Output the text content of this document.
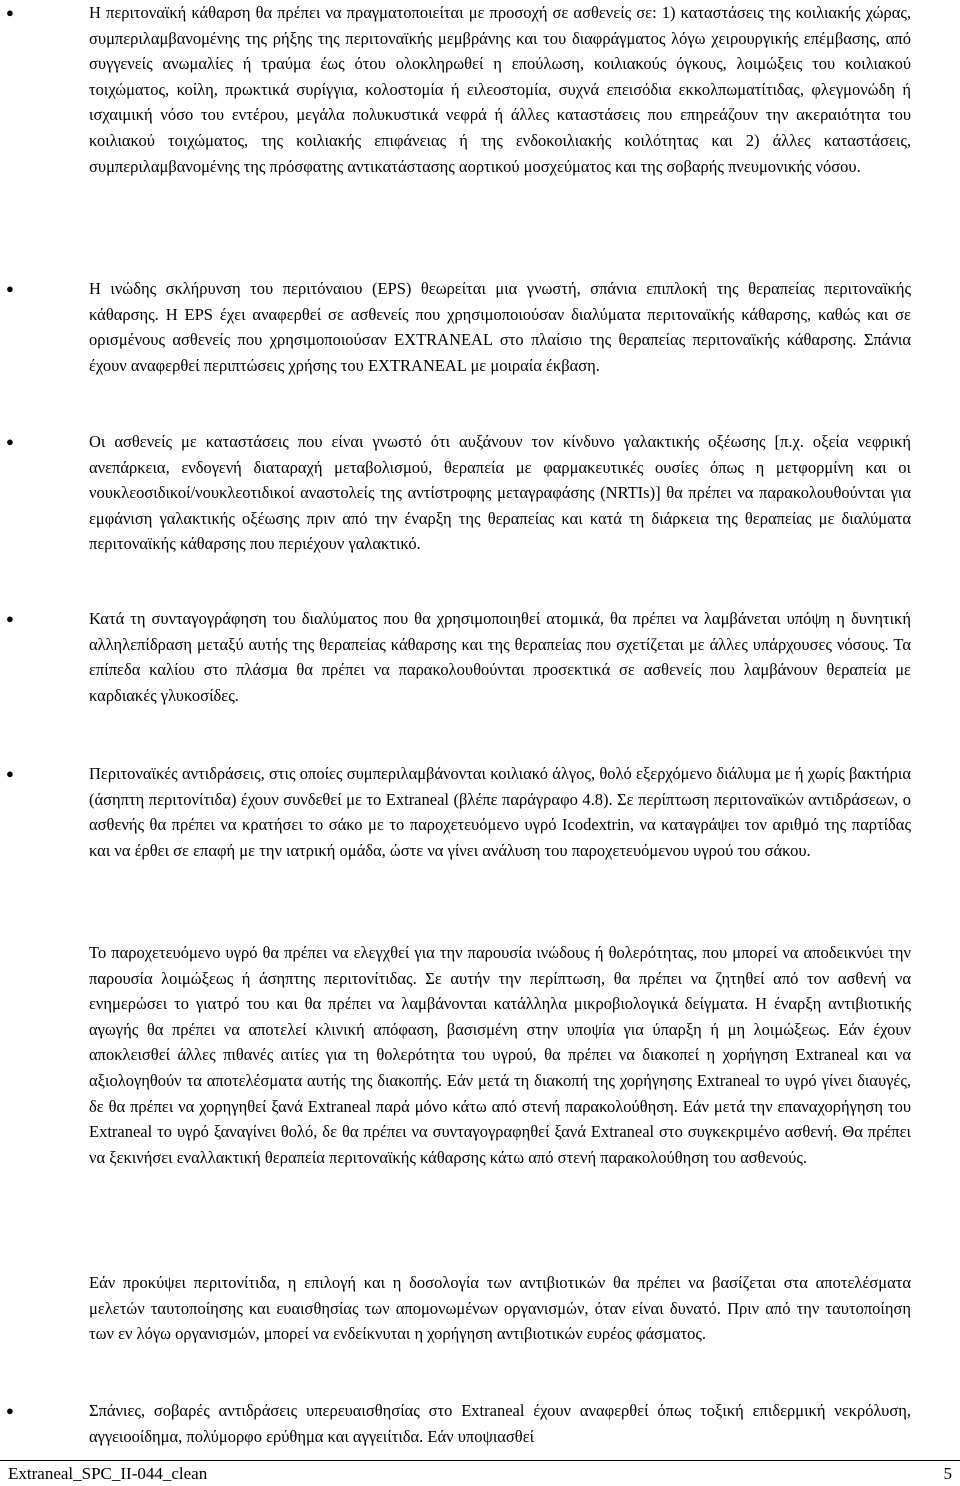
●	Η περιτοναϊκή κάθαρση θα πρέπει να πραγματοποιείται με προσοχή σε ασθενείς σε: 1) καταστάσεις της κοιλιακής χώρας, συμπεριλαμβανομένης της ρήξης της περιτοναϊκής μεμβράνης και του διαφράγματος λόγω χειρουργικής επέμβασης, από συγγενείς ανωμαλίες ή τραύμα έως ότου ολοκληρωθεί η επούλωση, κοιλιακούς όγκους, λοιμώξεις του κοιλιακού τοιχώματος, κοίλη, πρωκτικά συρίγγια, κολοστομία ή ειλεοστομία, συχνά επεισόδια εκκολπωματίτιδας, φλεγμονώδη ή ισχαιμική νόσο του εντέρου, μεγάλα πολυκυστικά νεφρά ή άλλες καταστάσεις που επηρεάζουν την ακεραιότητα του κοιλιακού τοιχώματος, της κοιλιακής επιφάνειας ή της ενδοκοιλιακής κοιλότητας και 2) άλλες καταστάσεις, συμπεριλαμβανομένης της πρόσφατης αντικατάστασης αορτικού μοσχεύματος και της σοβαρής πνευμονικής νόσου.

●	Η ινώδης σκλήρυνση του περιτόναιου (EPS) θεωρείται μια γνωστή, σπάνια επιπλοκή της θεραπείας περιτοναϊκής κάθαρσης. Η EPS έχει αναφερθεί σε ασθενείς που χρησιμοποιούσαν διαλύματα περιτοναϊκής κάθαρσης, καθώς και σε ορισμένους ασθενείς που χρησιμοποιούσαν EXTRANEAL στο πλαίσιο της θεραπείας περιτοναϊκής κάθαρσης. Σπάνια έχουν αναφερθεί περιπτώσεις χρήσης του EXTRANEAL με μοιραία έκβαση.

●	Οι ασθενείς με καταστάσεις που είναι γνωστό ότι αυξάνουν τον κίνδυνο γαλακτικής οξέωσης [π.χ. οξεία νεφρική ανεπάρκεια, ενδογενή διαταραχή μεταβολισμού, θεραπεία με φαρμακευτικές ουσίες όπως η μετφορμίνη και οι νουκλεοσιδικοί/νουκλεοτιδικοί αναστολείς της αντίστροφης μεταγραφάσης (NRTIs)] θα πρέπει να παρακολουθούνται για εμφάνιση γαλακτικής οξέωσης πριν από την έναρξη της θεραπείας και κατά τη διάρκεια της θεραπείας με διαλύματα περιτοναϊκής κάθαρσης που περιέχουν γαλακτικό.

●	Κατά τη συνταγογράφηση του διαλύματος που θα χρησιμοποιηθεί ατομικά, θα πρέπει να λαμβάνεται υπόψη η δυνητική αλληλεπίδραση μεταξύ αυτής της θεραπείας κάθαρσης και της θεραπείας που σχετίζεται με άλλες υπάρχουσες νόσους. Τα επίπεδα καλίου στο πλάσμα θα πρέπει να παρακολουθούνται προσεκτικά σε ασθενείς που λαμβάνουν θεραπεία με καρδιακές γλυκοσίδες.

●	Περιτοναϊκές αντιδράσεις, στις οποίες συμπεριλαμβάνονται κοιλιακό άλγος, θολό εξερχόμενο διάλυμα με ή χωρίς βακτήρια (άσηπτη περιτονίτιδα) έχουν συνδεθεί με το Extraneal (βλέπε παράγραφο 4.8). Σε περίπτωση περιτοναϊκών αντιδράσεων, ο ασθενής θα πρέπει να κρατήσει το σάκο με το παροχετευόμενο υγρό Icodextrin, να καταγράψει τον αριθμό της παρτίδας και να έρθει σε επαφή με την ιατρική ομάδα, ώστε να γίνει ανάλυση του παροχετευόμενου υγρού του σάκου.

Το παροχετευόμενο υγρό θα πρέπει να ελεγχθεί για την παρουσία ινώδους ή θολερότητας, που μπορεί να αποδεικνύει την παρουσία λοιμώξεως ή άσηπτης περιτονίτιδας. Σε αυτήν την περίπτωση, θα πρέπει να ζητηθεί από τον ασθενή να ενημερώσει το γιατρό του και θα πρέπει να λαμβάνονται κατάλληλα μικροβιολογικά δείγματα. Η έναρξη αντιβιοτικής αγωγής θα πρέπει να αποτελεί κλινική απόφαση, βασισμένη στην υποψία για ύπαρξη ή μη λοιμώξεως. Εάν έχουν αποκλεισθεί άλλες πιθανές αιτίες για τη θολερότητα του υγρού, θα πρέπει να διακοπεί η χορήγηση Extraneal και να αξιολογηθούν τα αποτελέσματα αυτής της διακοπής. Εάν μετά τη διακοπή της χορήγησης Extraneal το υγρό γίνει διαυγές, δε θα πρέπει να χορηγηθεί ξανά Extraneal παρά μόνο κάτω από στενή παρακολούθηση. Εάν μετά την επαναχορήγηση του Extraneal το υγρό ξαναγίνει θολό, δε θα πρέπει να συνταγογραφηθεί ξανά Extraneal στο συγκεκριμένο ασθενή. Θα πρέπει να ξεκινήσει εναλλακτική θεραπεία περιτοναϊκής κάθαρσης κάτω από στενή παρακολούθηση του ασθενούς.

Εάν προκύψει περιτονίτιδα, η επιλογή και η δοσολογία των αντιβιοτικών θα πρέπει να βασίζεται στα αποτελέσματα μελετών ταυτοποίησης και ευαισθησίας των απομονωμένων οργανισμών, όταν είναι δυνατό. Πριν από την ταυτοποίηση των εν λόγω οργανισμών, μπορεί να ενδείκνυται η χορήγηση αντιβιοτικών ευρέος φάσματος.

●	Σπάνιες, σοβαρές αντιδράσεις υπερευαισθησίας στο Extraneal έχουν αναφερθεί όπως τοξική επιδερμική νεκρόλυση, αγγειοοίδημα, πολύμορφο ερύθημα και αγγειίτιδα. Εάν υποψιασθεί

Extraneal_SPC_II-044_clean	5
